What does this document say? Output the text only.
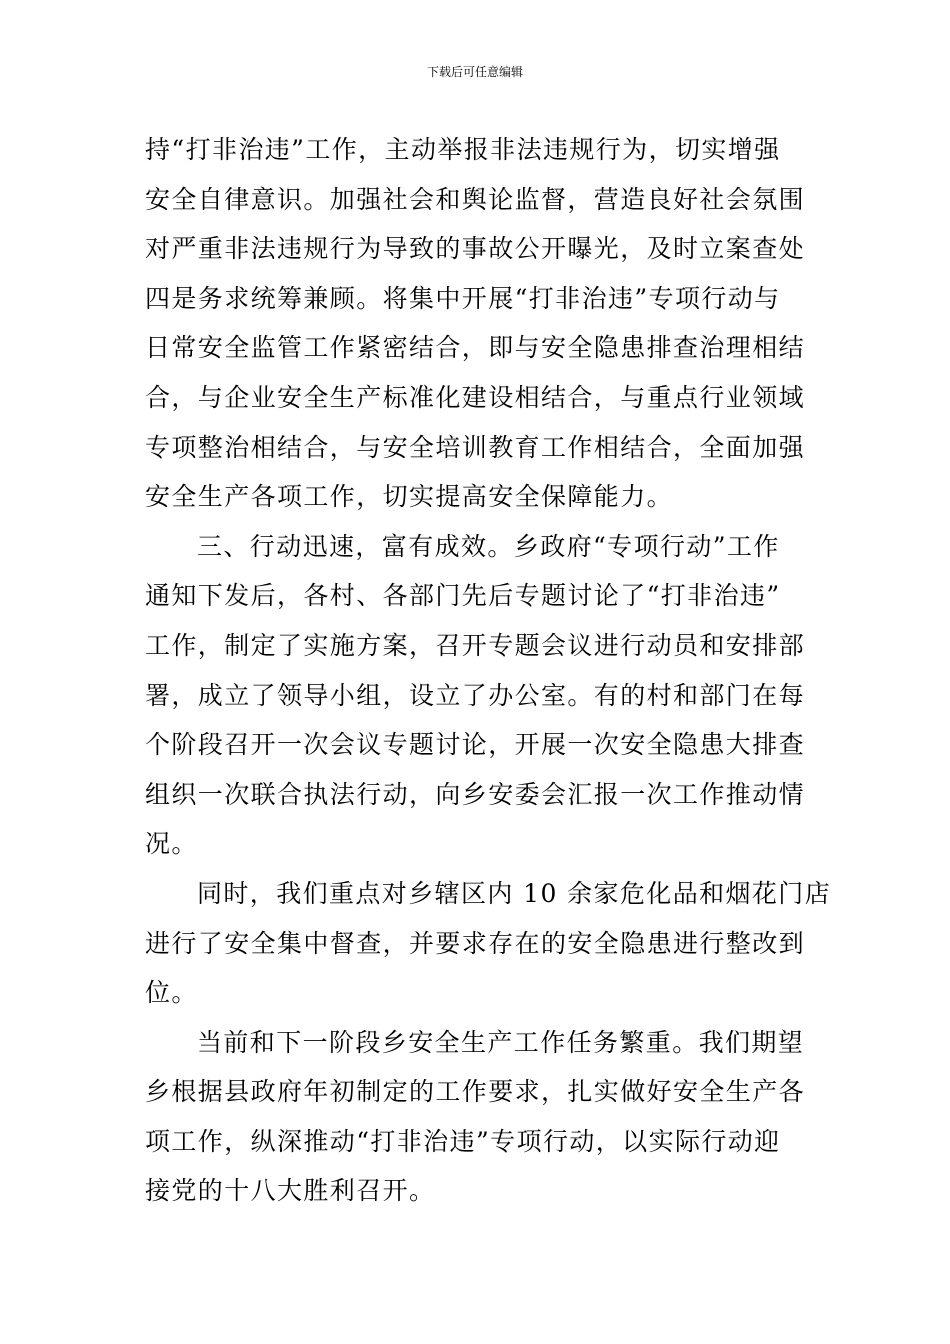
下载后可任意编辑
持“打非治违”工作，主动举报非法违规行为，切实增强
安全自律意识。加强社会和舆论监督，营造良好社会氛围
对严重非法违规行为导致的事故公开曝光，及时立案查处
四是务求统筹兼顾。将集中开展“打非治违”专项行动与
日常安全监管工作紧密结合，即与安全隐患排查治理相结
合，与企业安全生产标准化建设相结合，与重点行业领域
专项整治相结合，与安全培训教育工作相结合，全面加强
安全生产各项工作，切实提高安全保障能力。
三、行动迅速，富有成效。乡政府“专项行动”工作
通知下发后，各村、各部门先后专题讨论了“打非治违”
工作，制定了实施方案，召开专题会议进行动员和安排部
署，成立了领导小组，设立了办公室。有的村和部门在每
个阶段召开一次会议专题讨论，开展一次安全隐患大排查
组织一次联合执法行动，向乡安委会汇报一次工作推动情
况。
同时，我们重点对乡辖区内 10 余家危化品和烟花门店
进行了安全集中督查，并要求存在的安全隐患进行整改到
位。
当前和下一阶段乡安全生产工作任务繁重。我们期望
乡根据县政府年初制定的工作要求，扎实做好安全生产各
项工作，纵深推动“打非治违”专项行动，以实际行动迎
接党的十八大胜利召开。
